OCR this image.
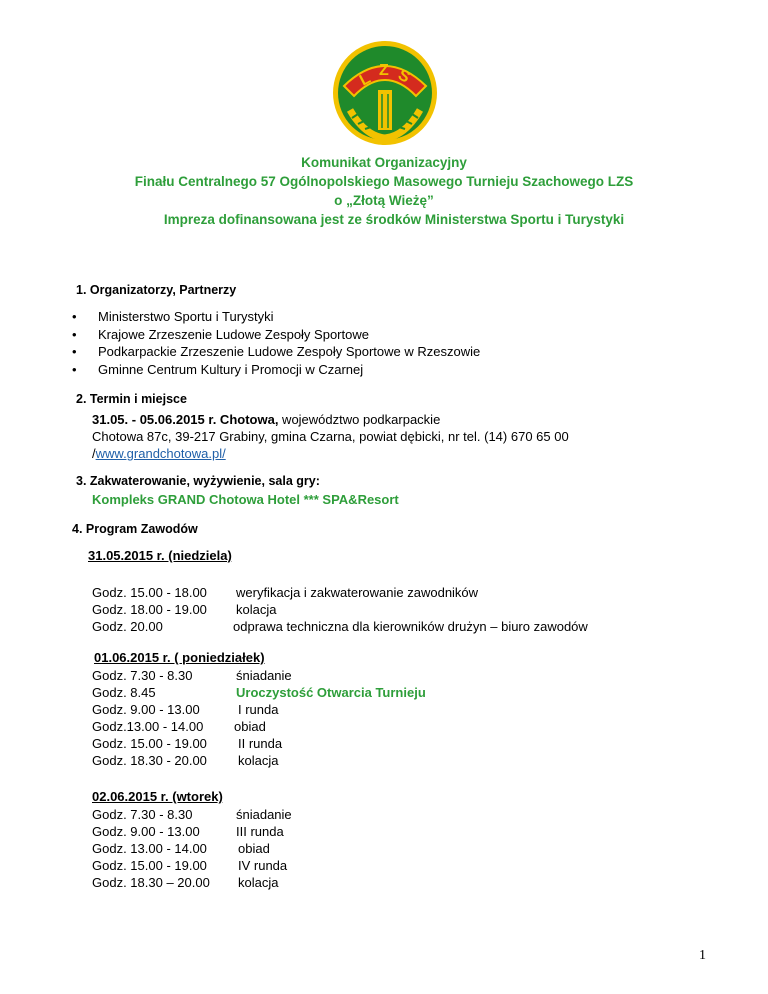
L Z S
Komunikat Organizacyjny
Finału Centralnego 57 Ogólnopolskiego Masowego Turnieju Szachowego LZS
o „Złotą Wieżę”
Impreza dofinansowana jest ze środków Ministerstwa Sportu i Turystyki
1. Organizatorzy, Partnerzy
• Ministerstwo Sportu i Turystyki
• Krajowe Zrzeszenie Ludowe Zespoły Sportowe
• Podkarpackie Zrzeszenie Ludowe Zespoły Sportowe w Rzeszowie
• Gminne Centrum Kultury i Promocji w Czarnej
2. Termin i miejsce
31.05. - 05.06.2015 r. Chotowa, województwo podkarpackie
Chotowa 87c, 39-217 Grabiny, gmina Czarna, powiat dębicki, nr tel. (14) 670 65 00
/www.grandchotowa.pl/
3. Zakwaterowanie, wyżywienie, sala gry:
Kompleks GRAND Chotowa Hotel *** SPA&Resort
4. Program Zawodów
31.05.2015 r. (niedziela)
Godz. 15.00 - 18.00 weryfikacja i zakwaterowanie zawodników
Godz. 18.00 - 19.00 kolacja
Godz. 20.00	odprawa techniczna dla kierowników drużyn – biuro zawodów
01.06.2015 r. ( poniedziałek)
Godz. 7.30 - 8.30	śniadanie
Godz. 8.45	Uroczystość Otwarcia Turnieju
Godz. 9.00 - 13.00	I runda
Godz.13.00 - 14.00 obiad
Godz. 15.00 - 19.00 II runda
Godz. 18.30 - 20.00 kolacja
02.06.2015 r. (wtorek)
Godz. 7.30 - 8.30	śniadanie
Godz. 9.00 - 13.00	III runda
Godz. 13.00 - 14.00 obiad
Godz. 15.00 - 19.00 IV runda
Godz. 18.30 – 20.00 kolacja
1
